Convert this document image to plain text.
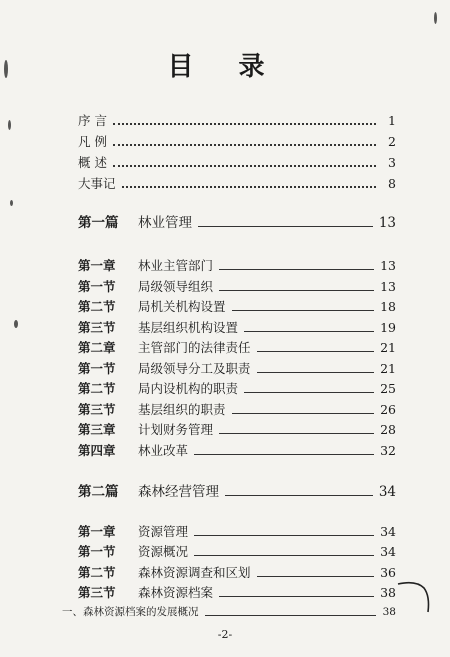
目 录
序 言	1
凡 例	2
概 述	3
大事记	8
第一篇	林业管理	13
第一章	林业主管部门	13
第一节	局级领导组织	13
第二节	局机关机构设置	18
第三节	基层组织机构设置	19
第二章	主管部门的法律责任	21
第一节	局级领导分工及职责	21
第二节	局内设机构的职责	25
第三节	基层组织的职责	26
第三章	计划财务管理	28
第四章	林业改革	32
第二篇	森林经营管理	34
第一章	资源管理	34
第一节	资源概况	34
第二节	森林资源调查和区划	36
第三节	森林资源档案	38
一、森林资源档案的发展概况	38
-2-
